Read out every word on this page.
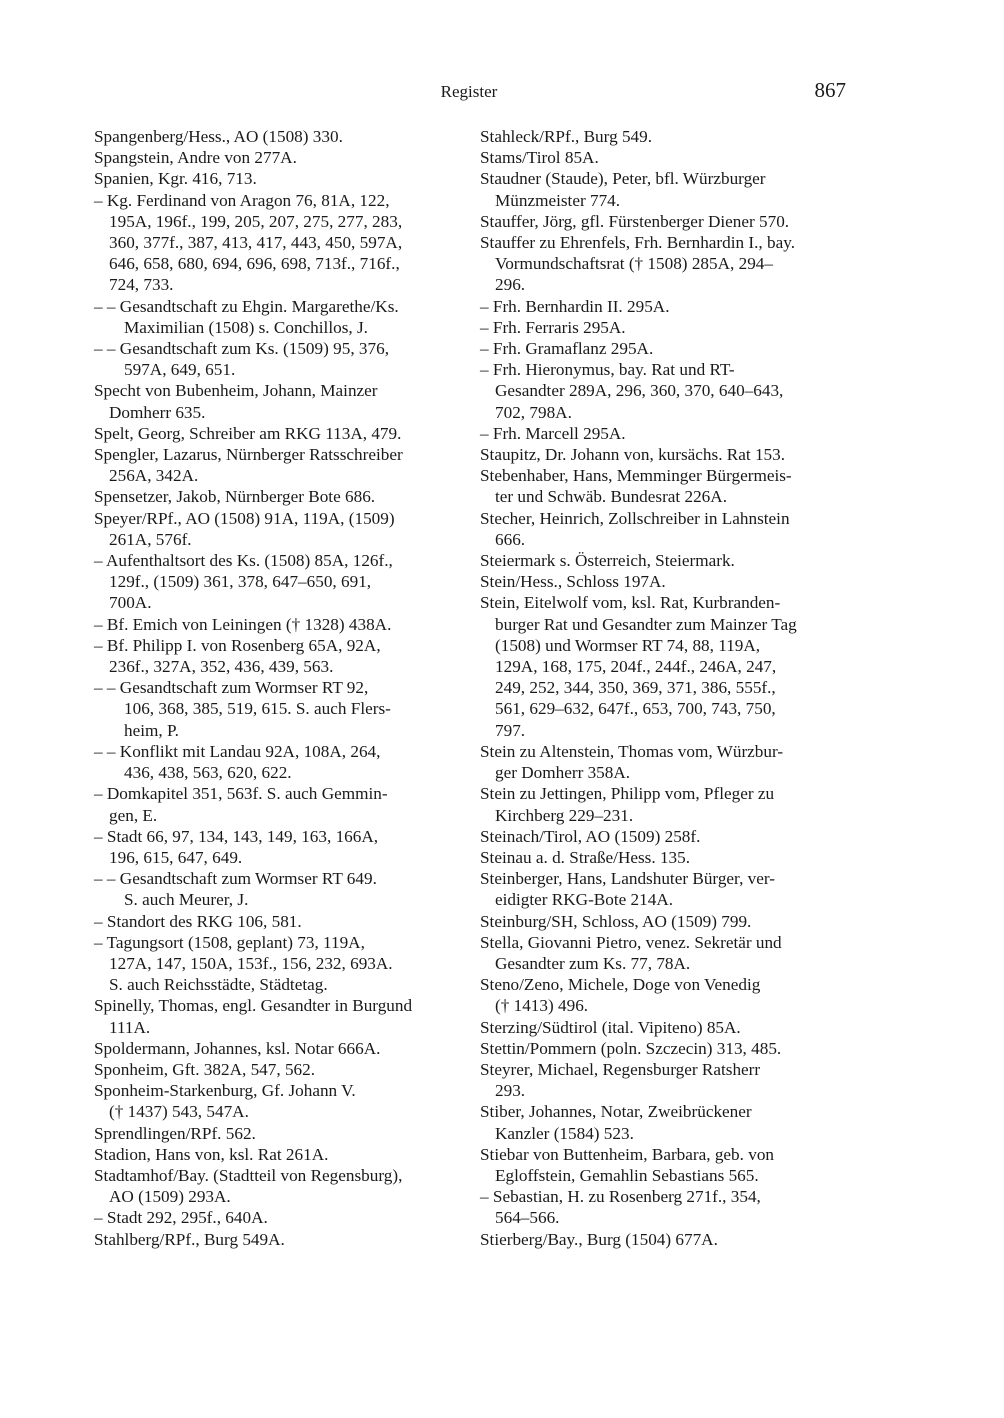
Register	867
Spangenberg/Hess., AO (1508) 330.
Spangstein, Andre von 277A.
Spanien, Kgr. 416, 713.
– Kg. Ferdinand von Aragon 76, 81A, 122,
195A, 196f., 199, 205, 207, 275, 277, 283,
360, 377f., 387, 413, 417, 443, 450, 597A,
646, 658, 680, 694, 696, 698, 713f., 716f.,
724, 733.
– – Gesandtschaft zu Ehgin. Margarethe/Ks.
Maximilian (1508) s. Conchillos, J.
– – Gesandtschaft zum Ks. (1509) 95, 376,
597A, 649, 651.
Specht von Bubenheim, Johann, Mainzer
Domherr 635.
Spelt, Georg, Schreiber am RKG 113A, 479.
Spengler, Lazarus, Nürnberger Ratsschreiber
256A, 342A.
Spensetzer, Jakob, Nürnberger Bote 686.
Speyer/RPf., AO (1508) 91A, 119A, (1509)
261A, 576f.
– Aufenthaltsort des Ks. (1508) 85A, 126f.,
129f., (1509) 361, 378, 647–650, 691,
700A.
– Bf. Emich von Leiningen († 1328) 438A.
– Bf. Philipp I. von Rosenberg 65A, 92A,
236f., 327A, 352, 436, 439, 563.
– – Gesandtschaft zum Wormser RT 92,
106, 368, 385, 519, 615. S. auch Flers-
heim, P.
– – Konflikt mit Landau 92A, 108A, 264,
436, 438, 563, 620, 622.
– Domkapitel 351, 563f. S. auch Gemmin-
gen, E.
– Stadt 66, 97, 134, 143, 149, 163, 166A,
196, 615, 647, 649.
– – Gesandtschaft zum Wormser RT 649.
S. auch Meurer, J.
– Standort des RKG 106, 581.
– Tagungsort (1508, geplant) 73, 119A,
127A, 147, 150A, 153f., 156, 232, 693A.
S. auch Reichsstädte, Städtetag.
Spinelly, Thomas, engl. Gesandter in Burgund
111A.
Spoldermann, Johannes, ksl. Notar 666A.
Sponheim, Gft. 382A, 547, 562.
Sponheim-Starkenburg, Gf. Johann V.
(† 1437) 543, 547A.
Sprendlingen/RPf. 562.
Stadion, Hans von, ksl. Rat 261A.
Stadtamhof/Bay. (Stadtteil von Regensburg),
AO (1509) 293A.
– Stadt 292, 295f., 640A.
Stahlberg/RPf., Burg 549A.
Stahleck/RPf., Burg 549.
Stams/Tirol 85A.
Staudner (Staude), Peter, bfl. Würzburger
Münzmeister 774.
Stauffer, Jörg, gfl. Fürstenberger Diener 570.
Stauffer zu Ehrenfels, Frh. Bernhardin I., bay.
Vormundschaftsrat († 1508) 285A, 294–
296.
– Frh. Bernhardin II. 295A.
– Frh. Ferraris 295A.
– Frh. Gramaflanz 295A.
– Frh. Hieronymus, bay. Rat und RT-
Gesandter 289A, 296, 360, 370, 640–643,
702, 798A.
– Frh. Marcell 295A.
Staupitz, Dr. Johann von, kursächs. Rat 153.
Stebenhaber, Hans, Memminger Bürgermeis-
ter und Schwäb. Bundesrat 226A.
Stecher, Heinrich, Zollschreiber in Lahnstein
666.
Steiermark s. Österreich, Steiermark.
Stein/Hess., Schloss 197A.
Stein, Eitelwolf vom, ksl. Rat, Kurbranden-
burger Rat und Gesandter zum Mainzer Tag
(1508) und Wormser RT 74, 88, 119A,
129A, 168, 175, 204f., 244f., 246A, 247,
249, 252, 344, 350, 369, 371, 386, 555f.,
561, 629–632, 647f., 653, 700, 743, 750,
797.
Stein zu Altenstein, Thomas vom, Würzbur-
ger Domherr 358A.
Stein zu Jettingen, Philipp vom, Pfleger zu
Kirchberg 229–231.
Steinach/Tirol, AO (1509) 258f.
Steinau a. d. Straße/Hess. 135.
Steinberger, Hans, Landshuter Bürger, ver-
eidigter RKG-Bote 214A.
Steinburg/SH, Schloss, AO (1509) 799.
Stella, Giovanni Pietro, venez. Sekretär und
Gesandter zum Ks. 77, 78A.
Steno/Zeno, Michele, Doge von Venedig
(† 1413) 496.
Sterzing/Südtirol (ital. Vipiteno) 85A.
Stettin/Pommern (poln. Szczecin) 313, 485.
Steyrer, Michael, Regensburger Ratsherr
293.
Stiber, Johannes, Notar, Zweibrückener
Kanzler (1584) 523.
Stiebar von Buttenheim, Barbara, geb. von
Egloffstein, Gemahlin Sebastians 565.
– Sebastian, H. zu Rosenberg 271f., 354,
564–566.
Stierberg/Bay., Burg (1504) 677A.
